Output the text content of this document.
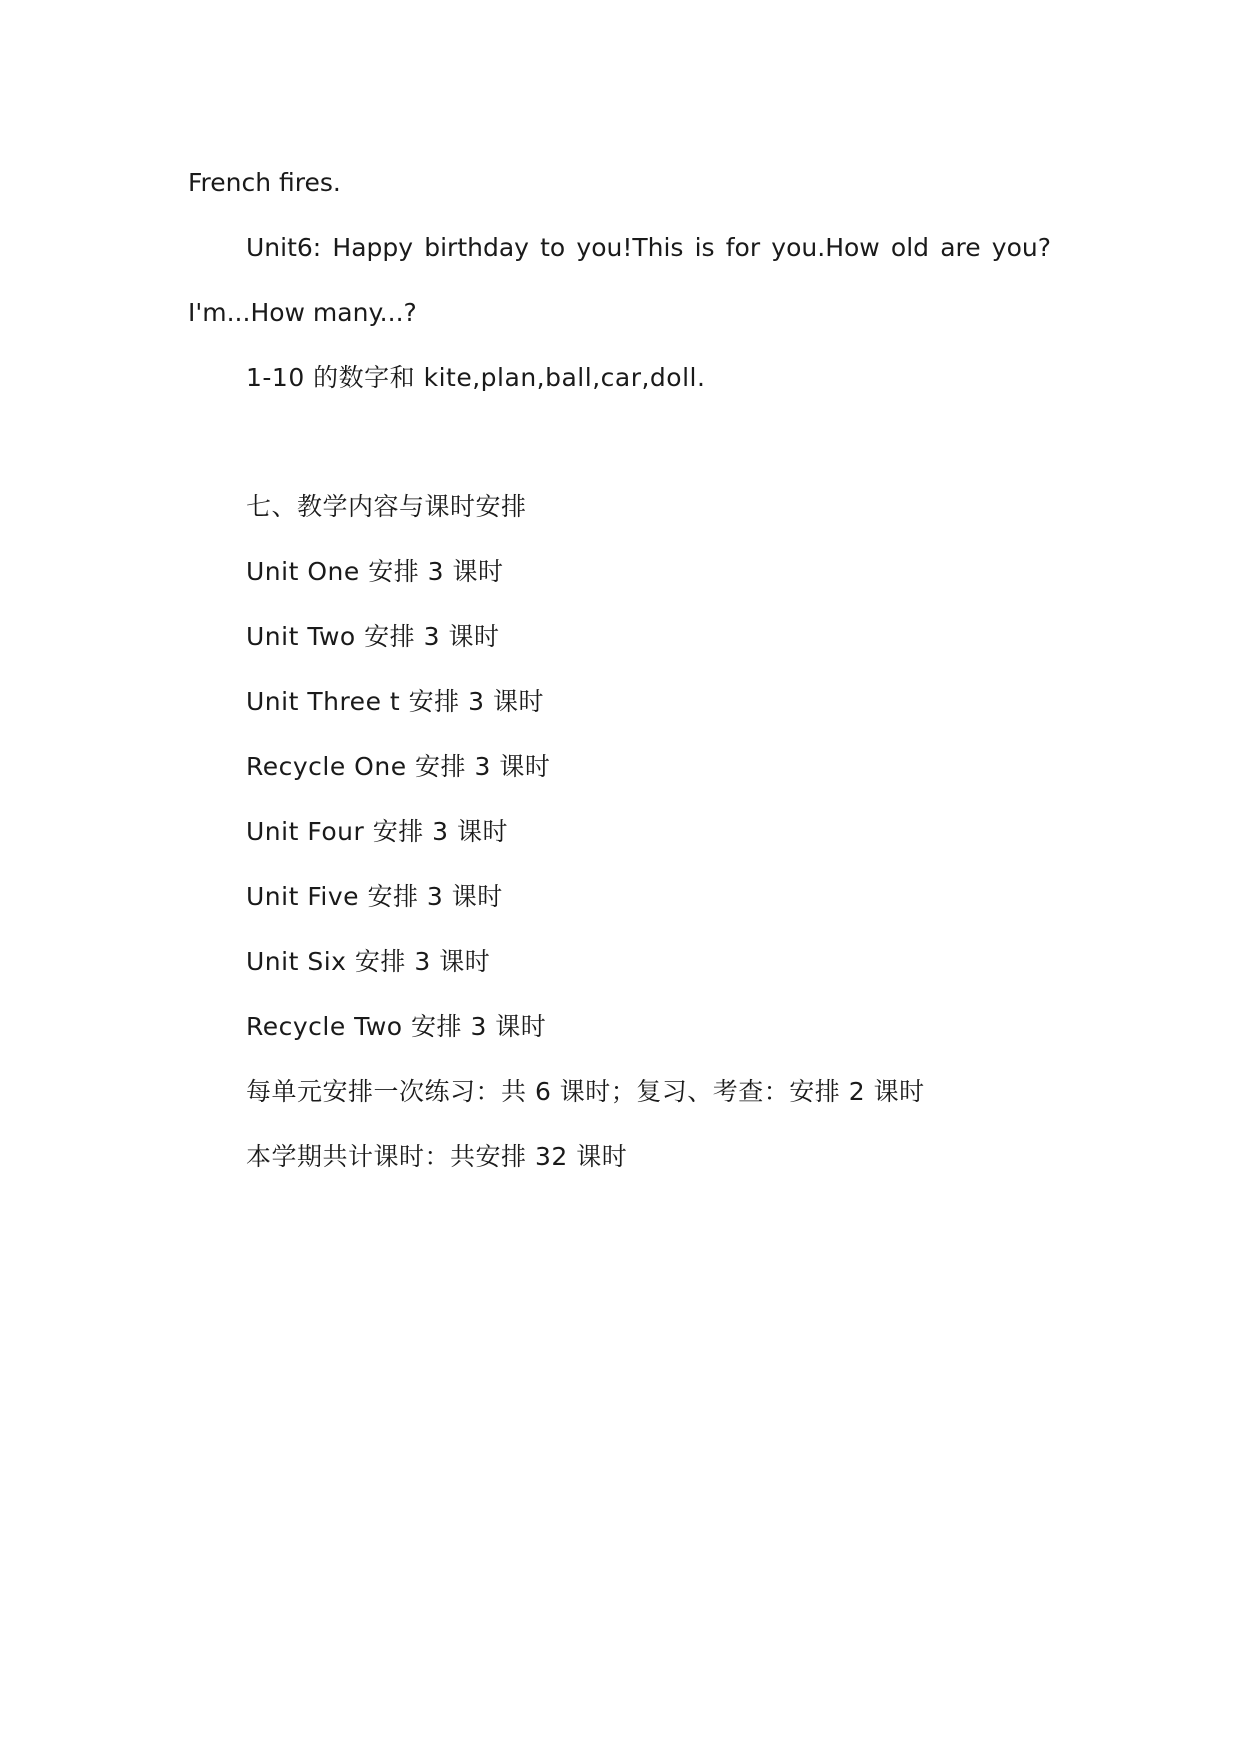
French fires.

Unit6: Happy birthday to you!This is for you.How old are you?

I'm...How many...?

1-10 的数字和 kite,plan,ball,car,doll.

七、教学内容与课时安排

Unit One 安排 3 课时

Unit Two 安排 3 课时

Unit Three t 安排 3 课时

Recycle One 安排 3 课时

Unit Four 安排 3 课时

Unit Five 安排 3 课时

Unit Six 安排 3 课时

Recycle Two 安排 3 课时

每单元安排一次练习：共 6 课时；复习、考查：安排 2 课时

本学期共计课时：共安排 32 课时
